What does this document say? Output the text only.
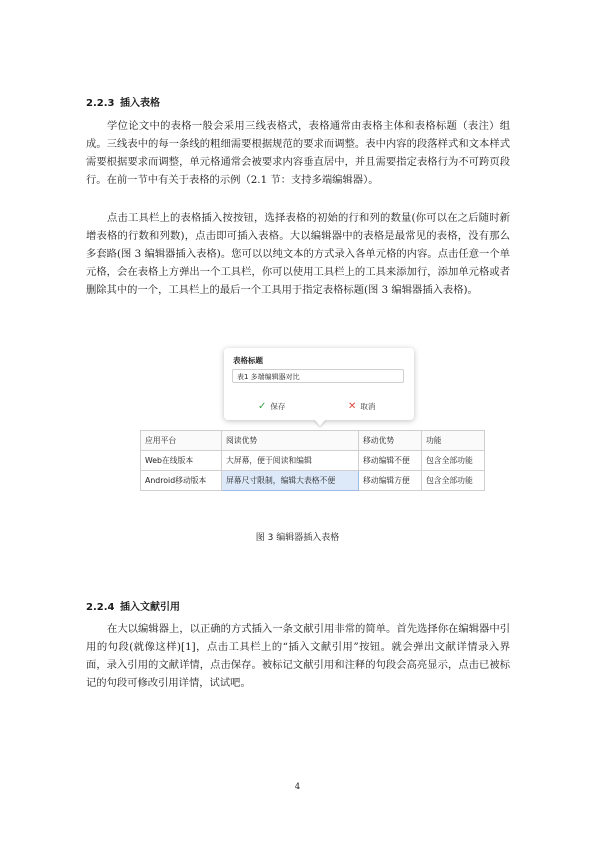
2.2.3 插入表格

学位论文中的表格一般会采用三线表格式，表格通常由表格主体和表格标题（表注）组成。三线表中的每一条线的粗细需要根据规范的要求而调整。表中内容的段落样式和文本样式需要根据要求而调整，单元格通常会被要求内容垂直居中，并且需要指定表格行为不可跨页段行。在前一节中有关于表格的示例（2.1 节：支持多端编辑器）。

点击工具栏上的表格插入按按钮，选择表格的初始的行和列的数量(你可以在之后随时新增表格的行数和列数)，点击即可插入表格。大以编辑器中的表格是最常见的表格，没有那么多套路(图 3 编辑器插入表格)。您可以以纯文本的方式录入各单元格的内容。点击任意一个单元格，会在表格上方弹出一个工具栏，你可以使用工具栏上的工具来添加行，添加单元格或者删除其中的一个，工具栏上的最后一个工具用于指定表格标题(图 3 编辑器插入表格)。

表格标题
表1 多端编辑器对比
✓ 保存	✕ 取消
应用平台	阅读优势	移动优势	功能
Web在线版本	大屏幕，便于阅读和编辑	移动编辑不便	包含全部功能
Android移动版本	屏幕尺寸限制，编辑大表格不便	移动编辑方便	包含全部功能
图 3 编辑器插入表格
2.2.4 插入文献引用

在大以编辑器上，以正确的方式插入一条文献引用非常的简单。首先选择你在编辑器中引用的句段(就像这样)[1]，点击工具栏上的“插入文献引用”按钮。就会弹出文献详情录入界面，录入引用的文献详情，点击保存。被标记文献引用和注释的句段会高亮显示，点击已被标记的句段可修改引用详情，试试吧。

4
